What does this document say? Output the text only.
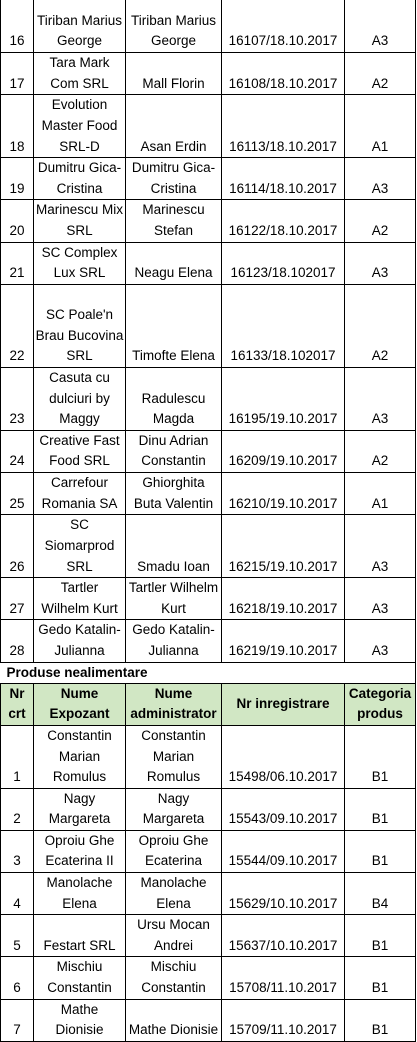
16	Tiriban Marius George	Tiriban Marius George	16107/18.10.2017	A3
17	Tara Mark Com SRL	Mall Florin	16108/18.10.2017	A2
18	Evolution Master Food SRL-D	Asan Erdin	16113/18.10.2017	A1
19	Dumitru Gica-Cristina	Dumitru Gica-Cristina	16114/18.10.2017	A3
20	Marinescu Mix SRL	Marinescu Stefan	16122/18.10.2017	A2
21	SC Complex Lux SRL	Neagu Elena	16123/18.102017	A3
22	SC Poale'n Brau Bucovina SRL	Timofte Elena	16133/18.102017	A2
23	Casuta cu dulciuri by Maggy	Radulescu Magda	16195/19.10.2017	A3
24	Creative Fast Food SRL	Dinu Adrian Constantin	16209/19.10.2017	A2
25	Carrefour Romania SA	Ghiorghita Buta Valentin	16210/19.10.2017	A1
26	SC Siomarprod SRL	Smadu Ioan	16215/19.10.2017	A3
27	Tartler Wilhelm Kurt	Tartler Wilhelm Kurt	16218/19.10.2017	A3
28	Gedo Katalin-Julianna	Gedo Katalin-Julianna	16219/19.10.2017	A3
Produse nealimentare				
Nr crt	Nume Expozant	Nume administrator	Nr inregistrare	Categoria produs
1	Constantin Marian Romulus	Constantin Marian Romulus	15498/06.10.2017	B1
2	Nagy Margareta	Nagy Margareta	15543/09.10.2017	B1
3	Oproiu Ghe Ecaterina II	Oproiu Ghe Ecaterina	15544/09.10.2017	B1
4	Manolache Elena	Manolache Elena	15629/10.10.2017	B4
5	Festart SRL	Ursu Mocan Andrei	15637/10.10.2017	B1
6	Mischiu Constantin	Mischiu Constantin	15708/11.10.2017	B1
7	Mathe Dionisie	Mathe Dionisie	15709/11.10.2017	B1
